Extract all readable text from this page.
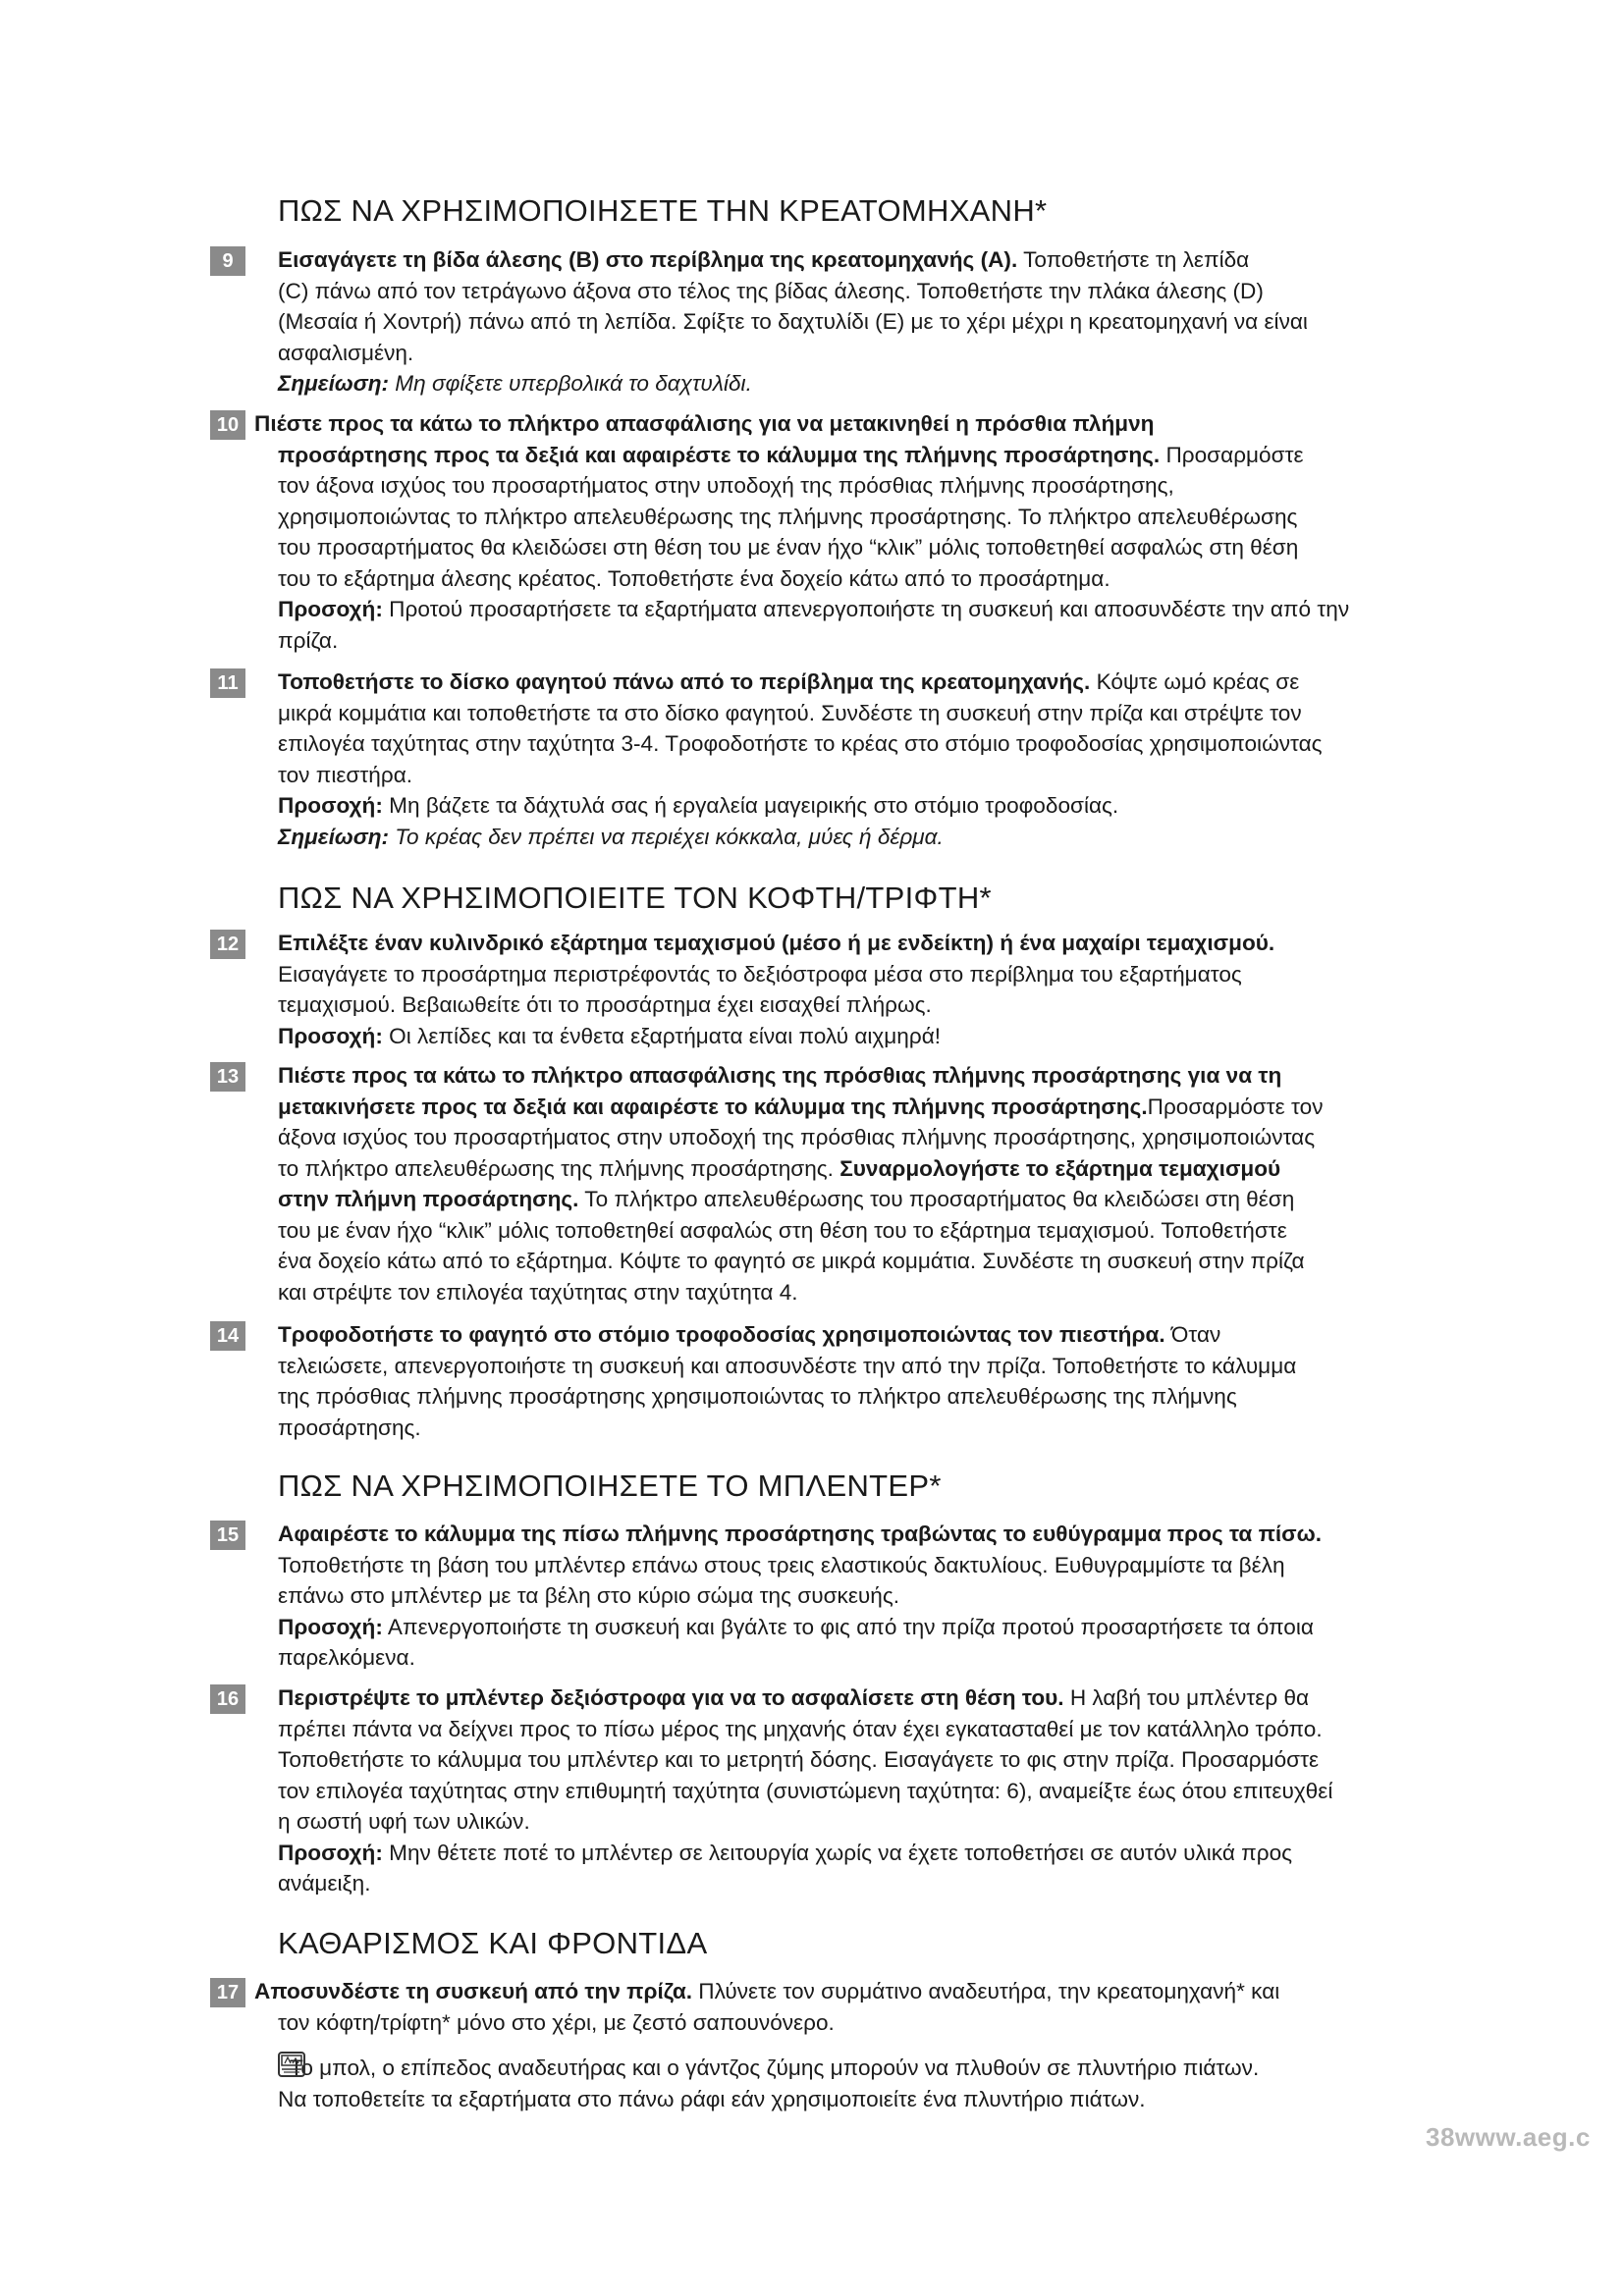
ΠΩΣ ΝΑ ΧΡΗΣΙΜΟΠΟΙΗΣΕΤΕ ΤΗΝ ΚΡΕΑΤΟΜΗΧΑΝΗ*
9	Εισαγάγετε τη βίδα άλεσης (B) στο περίβλημα της κρεατομηχανής (A). Τοποθετήστε τη λεπίδα

(C) πάνω από τον τετράγωνο άξονα στο τέλος της βίδας άλεσης. Τοποθετήστε την πλάκα άλεσης (D)

(Μεσαία ή Χοντρή) πάνω από τη λεπίδα. Σφίξτε το δαχτυλίδι (E) με το χέρι μέχρι η κρεατομηχανή να είναι

ασφαλισμένη.

Σημείωση: Μη σφίξετε υπερβολικά το δαχτυλίδι.

10 Πιέστε προς τα κάτω το πλήκτρο απασφάλισης για να μετακινηθεί η πρόσθια πλήμνη

προσάρτησης προς τα δεξιά και αφαιρέστε το κάλυμμα της πλήμνης προσάρτησης. Προσαρμόστε

τον άξονα ισχύος του προσαρτήματος στην υποδοχή της πρόσθιας πλήμνης προσάρτησης,

χρησιμοποιώντας το πλήκτρο απελευθέρωσης της πλήμνης προσάρτησης. Το πλήκτρο απελευθέρωσης

του προσαρτήματος θα κλειδώσει στη θέση του με έναν ήχο “κλικ” μόλις τοποθετηθεί ασφαλώς στη θέση

του το εξάρτημα άλεσης κρέατος. Τοποθετήστε ένα δοχείο κάτω από το προσάρτημα.

Προσοχή: Προτού προσαρτήσετε τα εξαρτήματα απενεργοποιήστε τη συσκευή και αποσυνδέστε την από την

πρίζα.

11	Τοποθετήστε το δίσκο φαγητού πάνω από το περίβλημα της κρεατομηχανής. Κόψτε ωμό κρέας σε

μικρά κομμάτια και τοποθετήστε τα στο δίσκο φαγητού. Συνδέστε τη συσκευή στην πρίζα και στρέψτε τον

επιλογέα ταχύτητας στην ταχύτητα 3-4. Τροφοδοτήστε το κρέας στο στόμιο τροφοδοσίας χρησιμοποιώντας

τον πιεστήρα.

Προσοχή: Μη βάζετε τα δάχτυλά σας ή εργαλεία μαγειρικής στο στόμιο τροφοδοσίας.

Σημείωση: Το κρέας δεν πρέπει να περιέχει κόκκαλα, μύες ή δέρμα.

ΠΩΣ ΝΑ ΧΡΗΣΙΜΟΠΟΙΕΙΤΕ ΤΟΝ ΚΟΦΤΗ/ΤΡΙΦΤΗ*
12	Επιλέξτε έναν κυλινδρικό εξάρτημα τεμαχισμού (μέσο ή με ενδείκτη) ή ένα μαχαίρι τεμαχισμού.

Εισαγάγετε το προσάρτημα περιστρέφοντάς το δεξιόστροφα μέσα στο περίβλημα του εξαρτήματος

τεμαχισμού. Βεβαιωθείτε ότι το προσάρτημα έχει εισαχθεί πλήρως.

Προσοχή: Οι λεπίδες και τα ένθετα εξαρτήματα είναι πολύ αιχμηρά!

13	Πιέστε προς τα κάτω το πλήκτρο απασφάλισης της πρόσθιας πλήμνης προσάρτησης για να τη

μετακινήσετε προς τα δεξιά και αφαιρέστε το κάλυμμα της πλήμνης προσάρτησης.Προσαρμόστε τον

άξονα ισχύος του προσαρτήματος στην υποδοχή της πρόσθιας πλήμνης προσάρτησης, χρησιμοποιώντας

το πλήκτρο απελευθέρωσης της πλήμνης προσάρτησης. Συναρμολογήστε το εξάρτημα τεμαχισμού

στην πλήμνη προσάρτησης. Το πλήκτρο απελευθέρωσης του προσαρτήματος θα κλειδώσει στη θέση

του με έναν ήχο “κλικ” μόλις τοποθετηθεί ασφαλώς στη θέση του το εξάρτημα τεμαχισμού. Τοποθετήστε

ένα δοχείο κάτω από το εξάρτημα. Κόψτε το φαγητό σε μικρά κομμάτια. Συνδέστε τη συσκευή στην πρίζα

και στρέψτε τον επιλογέα ταχύτητας στην ταχύτητα 4.

14	Τροφοδοτήστε το φαγητό στο στόμιο τροφοδοσίας χρησιμοποιώντας τον πιεστήρα. Όταν

τελειώσετε, απενεργοποιήστε τη συσκευή και αποσυνδέστε την από την πρίζα. Τοποθετήστε το κάλυμμα

της πρόσθιας πλήμνης προσάρτησης χρησιμοποιώντας το πλήκτρο απελευθέρωσης της πλήμνης

προσάρτησης.

ΠΩΣ ΝΑ ΧΡΗΣΙΜΟΠΟΙΗΣΕΤΕ ΤΟ ΜΠΛΕΝΤΕΡ*
15	Αφαιρέστε το κάλυμμα της πίσω πλήμνης προσάρτησης τραβώντας το ευθύγραμμα προς τα πίσω.

Τοποθετήστε τη βάση του μπλέντερ επάνω στους τρεις ελαστικούς δακτυλίους. Ευθυγραμμίστε τα βέλη

επάνω στο μπλέντερ με τα βέλη στο κύριο σώμα της συσκευής.

Προσοχή: Απενεργοποιήστε τη συσκευή και βγάλτε το φις από την πρίζα προτού προσαρτήσετε τα όποια

παρελκόμενα.

16	Περιστρέψτε το μπλέντερ δεξιόστροφα για να το ασφαλίσετε στη θέση του. Η λαβή του μπλέντερ θα

πρέπει πάντα να δείχνει προς το πίσω μέρος της μηχανής όταν έχει εγκατασταθεί με τον κατάλληλο τρόπο.

Τοποθετήστε το κάλυμμα του μπλέντερ και το μετρητή δόσης. Εισαγάγετε το φις στην πρίζα. Προσαρμόστε

τον επιλογέα ταχύτητας στην επιθυμητή ταχύτητα (συνιστώμενη ταχύτητα: 6), αναμείξτε έως ότου επιτευχθεί

η σωστή υφή των υλικών.

Προσοχή: Μην θέτετε ποτέ το μπλέντερ σε λειτουργία χωρίς να έχετε τοποθετήσει σε αυτόν υλικά προς

ανάμειξη.

ΚΑΘΑΡΙΣΜΟΣ ΚΑΙ ΦΡΟΝΤΙΔΑ
17 Αποσυνδέστε τη συσκευή από την πρίζα. Πλύνετε τον συρμάτινο αναδευτήρα, την κρεατομηχανή* και

τον κόφτη/τρίφτη* μόνο στο χέρι, με ζεστό σαπουνόνερο.

Το μπολ, ο επίπεδος αναδευτήρας και ο γάντζος ζύμης μπορούν να πλυθούν σε πλυντήριο πιάτων.

Να τοποθετείτε τα εξαρτήματα στο πάνω ράφι εάν χρησιμοποιείτε ένα πλυντήριο πιάτων.

38www.aeg.c
